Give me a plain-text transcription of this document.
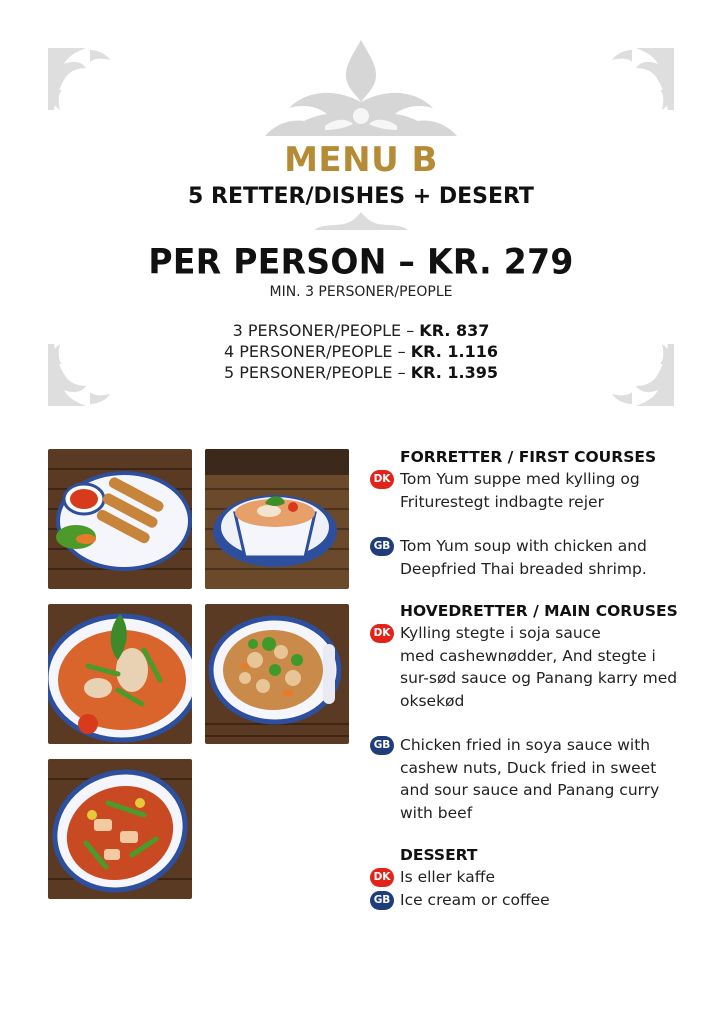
MENU B
5 RETTER/DISHES + DESERT
PER PERSON – KR. 279
MIN. 3 PERSONER/PEOPLE
3 PERSONER/PEOPLE – KR. 837
4 PERSONER/PEOPLE – KR. 1.116
5 PERSONER/PEOPLE – KR. 1.395
FORRETTER / FIRST COURSES
DK Tom Yum suppe med kylling og
Friturestegt indbagte rejer
GB Tom Yum soup with chicken and
Deepfried Thai breaded shrimp.
HOVEDRETTER / MAIN CORUSES
DK Kylling stegte i soja sauce
med cashewnødder, And stegte i
sur-sød sauce og Panang karry med
oksekød
GB Chicken fried in soya sauce with
cashew nuts, Duck fried in sweet
and sour sauce and Panang curry
with beef
DESSERT
DK Is eller kaffe
GB Ice cream or coffee
